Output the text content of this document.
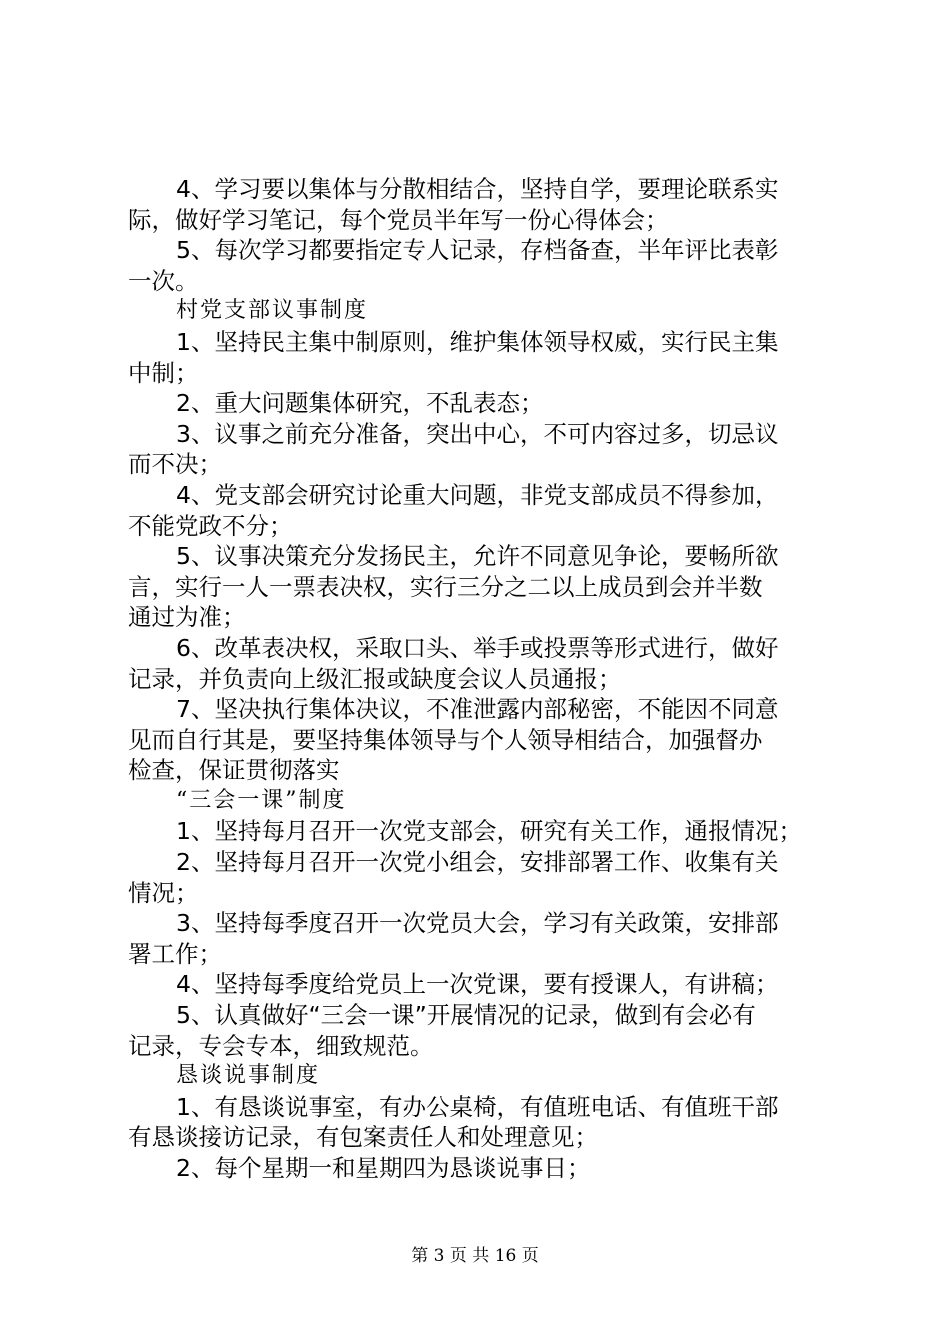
4、学习要以集体与分散相结合，坚持自学，要理论联系实
际，做好学习笔记，每个党员半年写一份心得体会；
5、每次学习都要指定专人记录，存档备查，半年评比表彰
一次。
村党支部议事制度
1、坚持民主集中制原则，维护集体领导权威，实行民主集
中制；
2、重大问题集体研究，不乱表态；
3、议事之前充分准备，突出中心，不可内容过多，切忌议
而不决；
4、党支部会研究讨论重大问题，非党支部成员不得参加，
不能党政不分；
5、议事决策充分发扬民主，允许不同意见争论，要畅所欲
言，实行一人一票表决权，实行三分之二以上成员到会并半数
通过为准；
6、改革表决权，采取口头、举手或投票等形式进行，做好
记录，并负责向上级汇报或缺度会议人员通报；
7、坚决执行集体决议，不准泄露内部秘密，不能因不同意
见而自行其是，要坚持集体领导与个人领导相结合，加强督办
检查，保证贯彻落实
“三会一课”制度
1、坚持每月召开一次党支部会，研究有关工作，通报情况；
2、坚持每月召开一次党小组会，安排部署工作、收集有关
情况；
3、坚持每季度召开一次党员大会，学习有关政策，安排部
署工作；
4、坚持每季度给党员上一次党课，要有授课人，有讲稿；
5、认真做好“三会一课”开展情况的记录，做到有会必有
记录，专会专本，细致规范。
恳谈说事制度
1、有恳谈说事室，有办公桌椅，有值班电话、有值班干部
有恳谈接访记录，有包案责任人和处理意见；
2、每个星期一和星期四为恳谈说事日；
第 3 页 共 16 页
